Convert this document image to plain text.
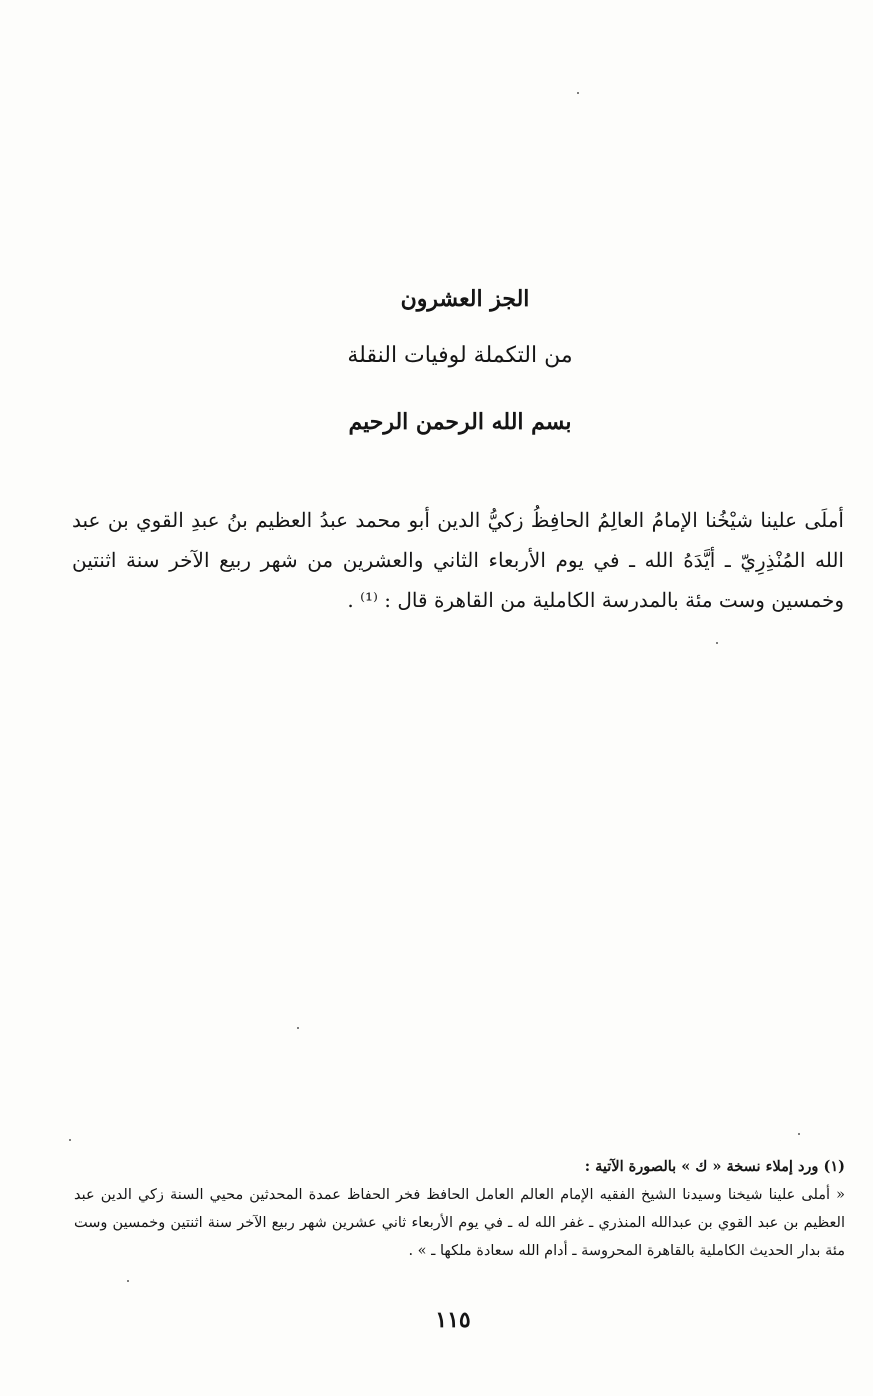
الجز العشرون
من التكملة لوفيات النقلة
بسم الله الرحمن الرحيم
أملَى علينا شيْخُنا الإمامُ العالِمُ الحافِظُ زكيُّ الدين أبو محمد عبدُ العظيم بنُ عبدِ القوي بن عبد الله المُنْذِرِيّ ـ أيَّدَهُ الله ـ في يوم الأربعاء الثاني والعشرين من شهر ربيع الآخر سنة اثنتين وخمسين وست مئة بالمدرسة الكاملية من القاهرة قال : ⁽¹⁾ .
(١) ورد إملاء نسخة « ك » بالصورة الآتية :
« أملى علينا شيخنا وسيدنا الشيخ الفقيه الإمام العالم العامل الحافظ فخر الحفاظ عمدة المحدثين محيي السنة زكي الدين عبد العظيم بن عبد القوي بن عبدالله المنذري ـ غفر الله له ـ في يوم الأربعاء ثاني عشرين شهر ربيع الآخر سنة اثنتين وخمسين وست مئة بدار الحديث الكاملية بالقاهرة المحروسة ـ أدام الله سعادة ملكها ـ » .
١١٥
